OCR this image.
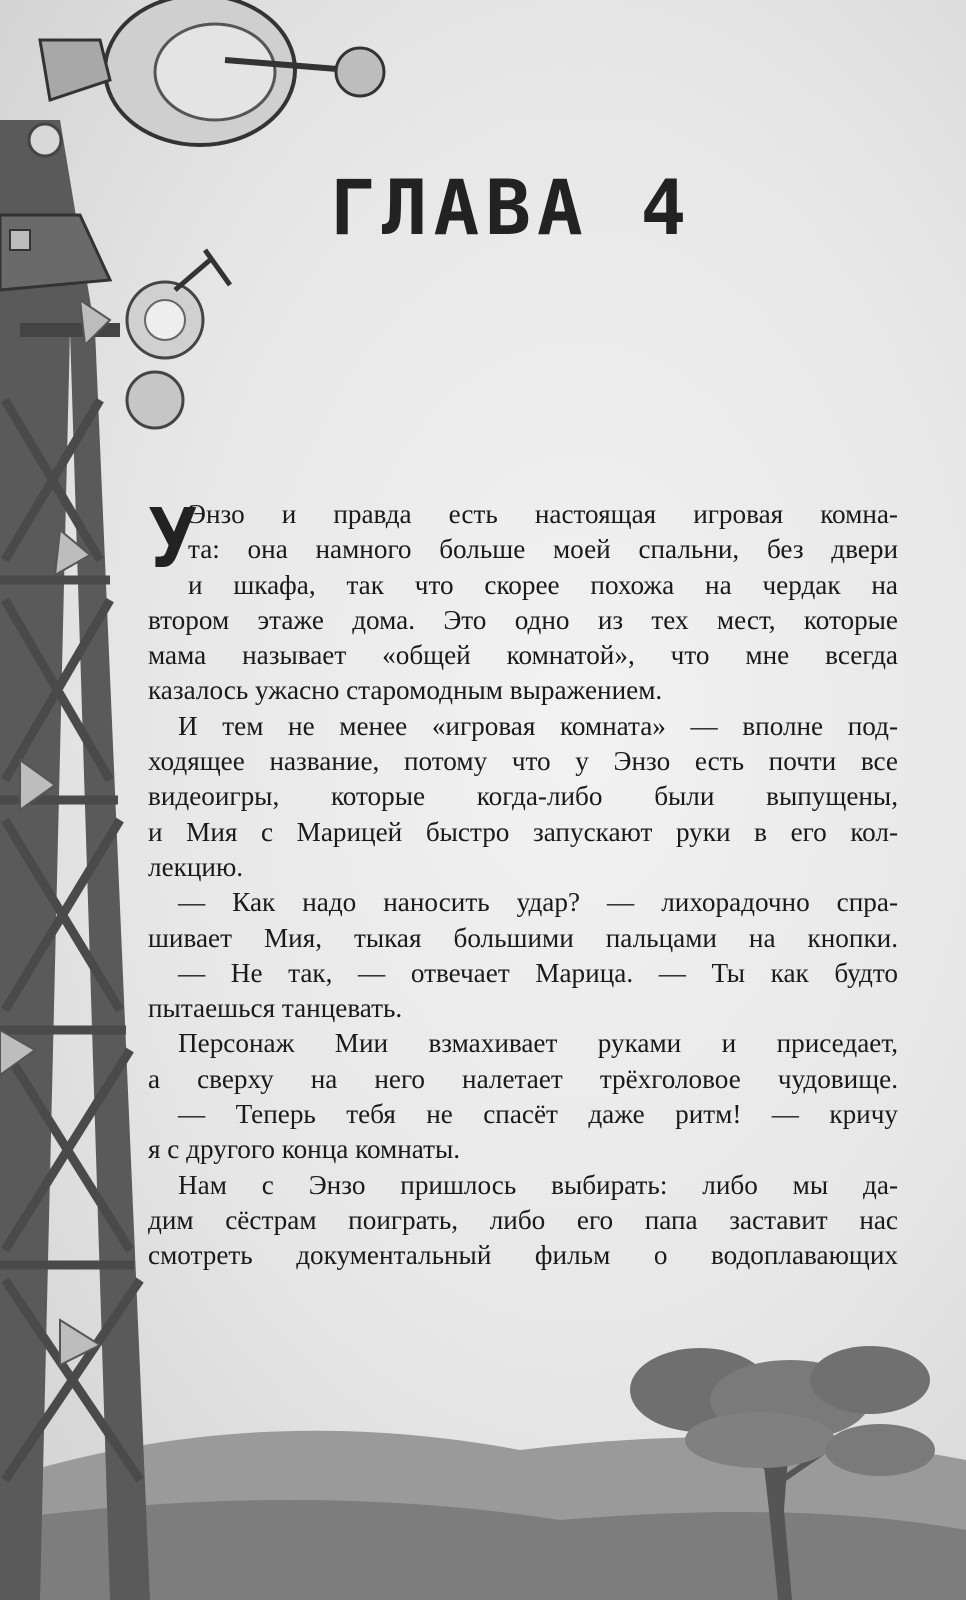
ГЛАВА 4
У
Энзо и правда есть настоящая игровая комна-
та: она намного больше моей спальни, без двери
и шкафа, так что скорее похожа на чердак на
втором этаже дома. Это одно из тех мест, которые
мама называет «общей комнатой», что мне всегда
казалось ужасно старомодным выражением.
И тем не менее «игровая комната» — вполне под-
ходящее название, потому что у Энзо есть почти все
видеоигры, которые когда-либо были выпущены,
и Мия с Марицей быстро запускают руки в его кол-
лекцию.
— Как надо наносить удар? — лихорадочно спра-
шивает Мия, тыкая большими пальцами на кнопки.
— Не так, — отвечает Марица. — Ты как будто
пытаешься танцевать.
Персонаж Мии взмахивает руками и приседает,
а сверху на него налетает трёхголовое чудовище.
— Теперь тебя не спасёт даже ритм! — кричу
я с другого конца комнаты.
Нам с Энзо пришлось выбирать: либо мы да-
дим сёстрам поиграть, либо его папа заставит нас
смотреть документальный фильм о водоплавающих
